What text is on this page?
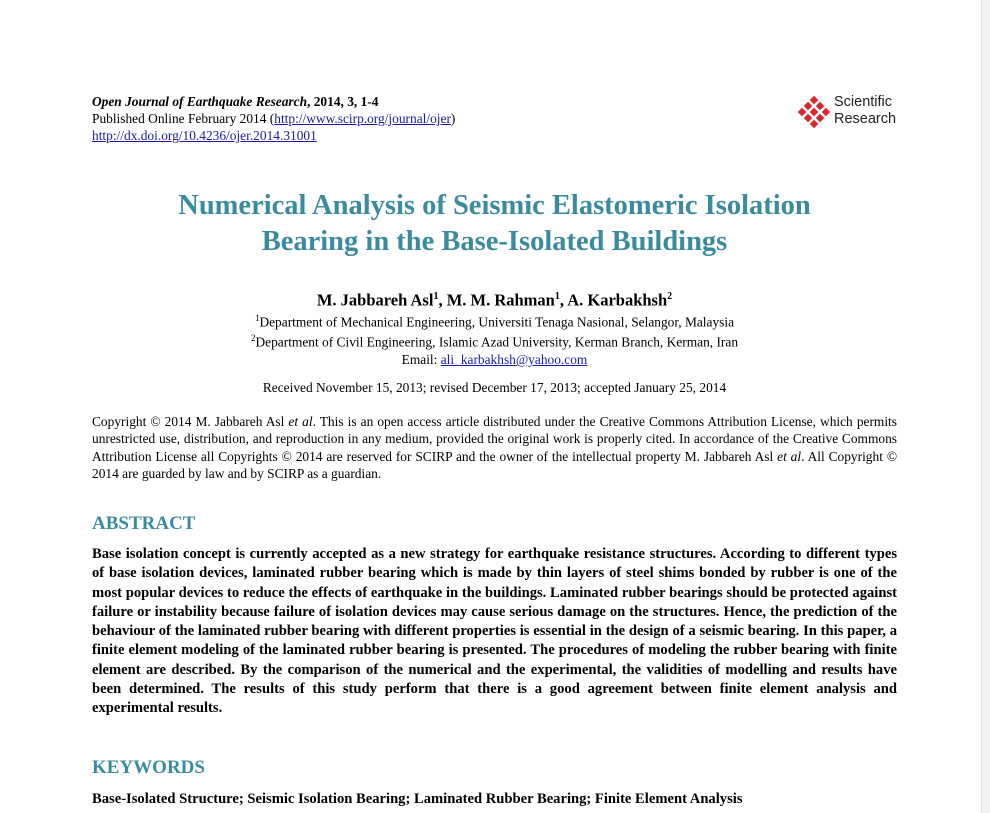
Open Journal of Earthquake Research, 2014, 3, 1-4
Published Online February 2014 (http://www.scirp.org/journal/ojer)
http://dx.doi.org/10.4236/ojer.2014.31001
Scientific
Research
Numerical Analysis of Seismic Elastomeric Isolation
Bearing in the Base-Isolated Buildings
M. Jabbareh Asl$^1$, M. M. Rahman$^1$, A. Karbakhsh$^2$
$^1$Department of Mechanical Engineering, Universiti Tenaga Nasional, Selangor, Malaysia
$^2$Department of Civil Engineering, Islamic Azad University, Kerman Branch, Kerman, Iran
Email: ali_karbakhsh@yahoo.com
Received November 15, 2013; revised December 17, 2013; accepted January 25, 2014
Copyright © 2014 M. Jabbareh Asl et al. This is an open access article distributed under the Creative Commons Attribution License, which permits unrestricted use, distribution, and reproduction in any medium, provided the original work is properly cited. In accordance of the Creative Commons Attribution License all Copyrights © 2014 are reserved for SCIRP and the owner of the intellectual property M. Jabbareh Asl et al. All Copyright © 2014 are guarded by law and by SCIRP as a guardian.
ABSTRACT
Base isolation concept is currently accepted as a new strategy for earthquake resistance structures. According to different types of base isolation devices, laminated rubber bearing which is made by thin layers of steel shims bonded by rubber is one of the most popular devices to reduce the effects of earthquake in the buildings. Laminated rubber bearings should be protected against failure or instability because failure of isolation devices may cause serious damage on the structures. Hence, the prediction of the behaviour of the laminated rubber bearing with different properties is essential in the design of a seismic bearing. In this paper, a finite element modeling of the laminated rubber bearing is presented. The procedures of modeling the rubber bearing with finite element are described. By the comparison of the numerical and the experimental, the validities of modelling and results have been determined. The results of this study perform that there is a good agreement between finite element analysis and experimental results.
KEYWORDS
Base-Isolated Structure; Seismic Isolation Bearing; Laminated Rubber Bearing; Finite Element Analysis
